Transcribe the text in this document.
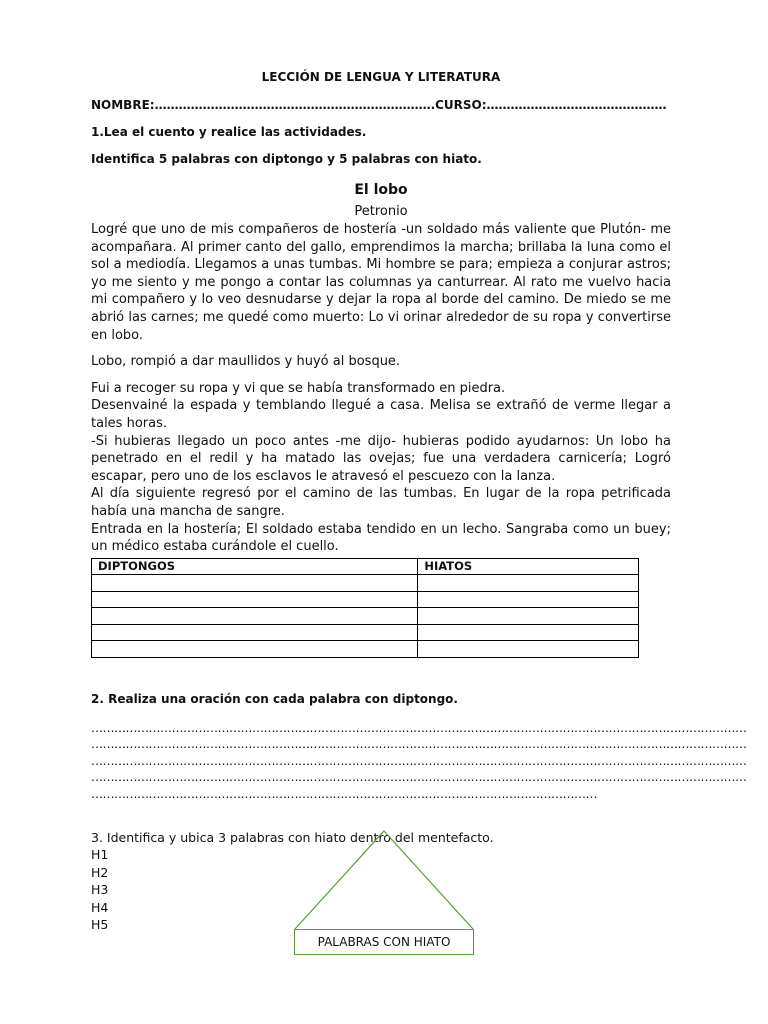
LECCIÓN DE LENGUA Y LITERATURA

NOMBRE:…………………………………………………………….CURSO:………………………………………

1.Lea el cuento y realice las actividades.

Identifica 5 palabras con diptongo y 5 palabras con hiato.

El lobo

Petronio

Logré que uno de mis compañeros de hostería -un soldado más valiente que Plutón- me acompañara. Al primer canto del gallo, emprendimos la marcha; brillaba la luna como el sol a mediodía. Llegamos a unas tumbas. Mi hombre se para; empieza a conjurar astros; yo me siento y me pongo a contar las columnas ya canturrear. Al rato me vuelvo hacia mi compañero y lo veo desnudarse y dejar la ropa al borde del camino. De miedo se me abrió las carnes; me quedé como muerto: Lo vi orinar alrededor de su ropa y convertirse en lobo.

Lobo, rompió a dar maullidos y huyó al bosque.

Fui a recoger su ropa y vi que se había transformado en piedra.

Desenvainé la espada y temblando llegué a casa. Melisa se extrañó de verme llegar a tales horas.

-Si hubieras llegado un poco antes -me dijo- hubieras podido ayudarnos: Un lobo ha penetrado en el redil y ha matado las ovejas; fue una verdadera carnicería; Logró escapar, pero uno de los esclavos le atravesó el pescuezo con la lanza.

Al día siguiente regresó por el camino de las tumbas. En lugar de la ropa petrificada había una mancha de sangre.

Entrada en la hostería; El soldado estaba tendido en un lecho. Sangraba como un buey; un médico estaba curándole el cuello.

DIPTONGOS	HIATOS

2. Realiza una oración con cada palabra con diptongo.

………………………………………………………………………………………………………………………………………………………

………………………………………………………………………………………………………………………………………………………

………………………………………………………………………………………………………………………………………………………

………………………………………………………………………………………………………………………………………………………

……………………………………………………………………………………………………………………

3. Identifica y ubica 3 palabras con hiato dentro del mentefacto.

H1
H2
H3
H4
H5
PALABRAS CON HIATO
